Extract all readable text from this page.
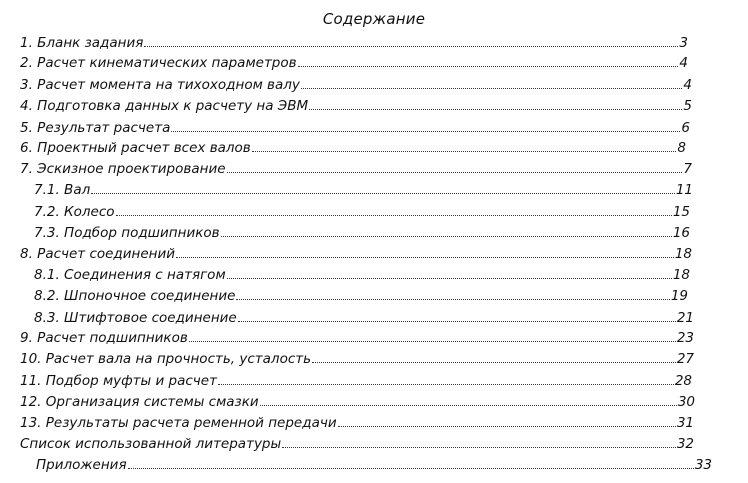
Содержание
1. Бланк задания	3
2. Расчет кинематических параметров	4
3. Расчет момента на тихоходном валу	4
4. Подготовка данных к расчету на ЭВМ	5
5. Результат расчета	6
6. Проектный расчет всех валов	8
7. Эскизное проектирование	7
7.1. Вал	11
7.2. Колесо	15
7.3. Подбор подшипников	16
8. Расчет соединений	18
8.1. Соединения с натягом	18
8.2. Шпоночное соединение	19
8.3. Штифтовое соединение	21
9. Расчет подшипников	23
10. Расчет вала на прочность, усталость	27
11. Подбор муфты и расчет	28
12. Организация системы смазки	30
13. Результаты расчета ременной передачи	31
Список использованной литературы	32
Приложения	33
